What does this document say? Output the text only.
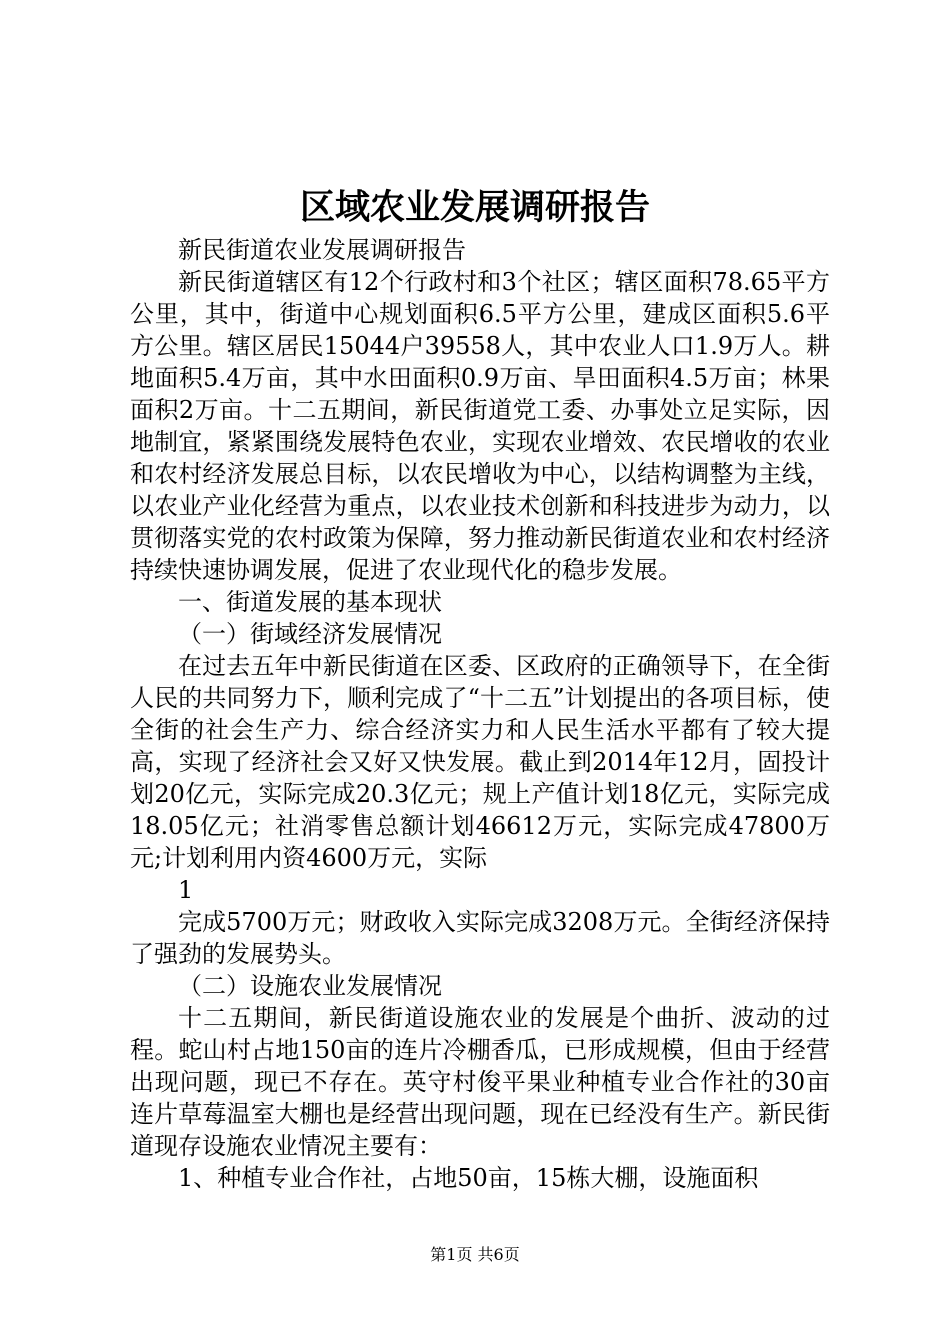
区域农业发展调研报告

新民街道农业发展调研报告

新民街道辖区有12个行政村和3个社区；辖区面积78.65平方公里，其中，街道中心规划面积6.5平方公里，建成区面积5.6平方公里。辖区居民15044户39558人，其中农业人口1.9万人。耕地面积5.4万亩，其中水田面积0.9万亩、旱田面积4.5万亩；林果面积2万亩。十二五期间，新民街道党工委、办事处立足实际，因地制宜，紧紧围绕发展特色农业，实现农业增效、农民增收的农业和农村经济发展总目标，以农民增收为中心，以结构调整为主线，以农业产业化经营为重点，以农业技术创新和科技进步为动力，以贯彻落实党的农村政策为保障，努力推动新民街道农业和农村经济持续快速协调发展，促进了农业现代化的稳步发展。

一、街道发展的基本现状

（一）街域经济发展情况

在过去五年中新民街道在区委、区政府的正确领导下，在全街人民的共同努力下，顺利完成了“十二五”计划提出的各项目标，使全街的社会生产力、综合经济实力和人民生活水平都有了较大提高，实现了经济社会又好又快发展。截止到2014年12月，固投计划20亿元，实际完成20.3亿元；规上产值计划18亿元，实际完成18.05亿元；社消零售总额计划46612万元，实际完成47800万元;计划利用内资4600万元，实际

1

完成5700万元；财政收入实际完成3208万元。全街经济保持了强劲的发展势头。

（二）设施农业发展情况

十二五期间，新民街道设施农业的发展是个曲折、波动的过程。蛇山村占地150亩的连片冷棚香瓜，已形成规模，但由于经营出现问题，现已不存在。英守村俊平果业种植专业合作社的30亩连片草莓温室大棚也是经营出现问题，现在已经没有生产。新民街道现存设施农业情况主要有：

1、种植专业合作社，占地50亩，15栋大棚，设施面积

第1页 共6页
